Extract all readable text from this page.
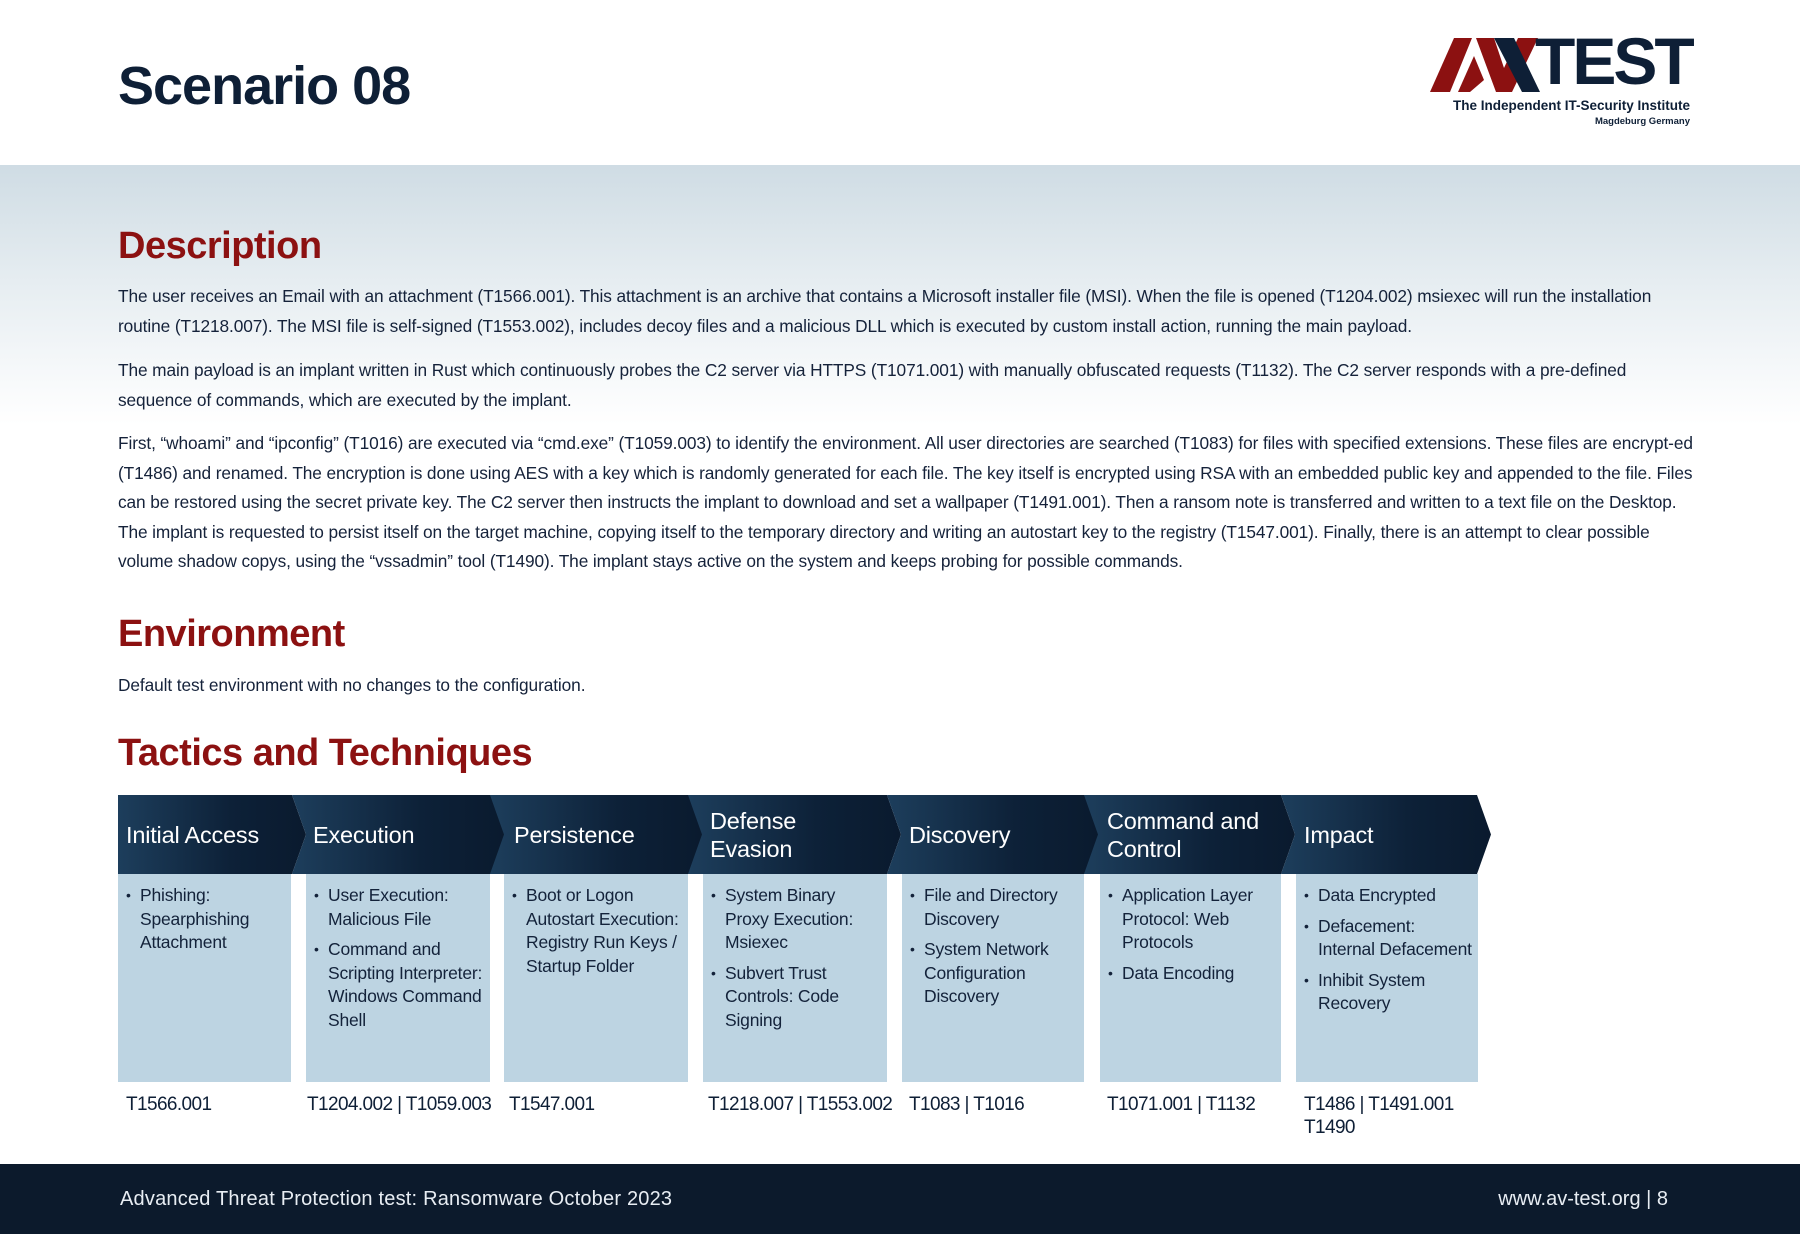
Scenario 08	TEST
The Independent IT-Security Institute
Magdeburg Germany
Description

The user receives an Email with an attachment (T1566.001). This attachment is an archive that contains a Microsoft installer file (MSI). When the file is opened (T1204.002) msiexec will run the installation routine (T1218.007). The MSI file is self-signed (T1553.002), includes decoy files and a malicious DLL which is executed by custom install action, running the main payload.

The main payload is an implant written in Rust which continuously probes the C2 server via HTTPS (T1071.001) with manually obfuscated requests (T1132). The C2 server responds with a pre-defined sequence of commands, which are executed by the implant.

First, “whoami” and “ipconfig” (T1016) are executed via “cmd.exe” (T1059.003) to identify the environment. All user directories are searched (T1083) for files with specified extensions. These files are encrypt-ed (T1486) and renamed. The encryption is done using AES with a key which is randomly generated for each file. The key itself is encrypted using RSA with an embedded public key and appended to the file. Files can be restored using the secret private key. The C2 server then instructs the implant to download and set a wallpaper (T1491.001). Then a ransom note is transferred and written to a text file on the Desktop. The implant is requested to persist itself on the target machine, copying itself to the temporary directory and writing an autostart key to the registry (T1547.001). Finally, there is an attempt to clear possible volume shadow copys, using the “vssadmin” tool (T1490). The implant stays active on the system and keeps probing for possible commands.

Environment

Default test environment with no changes to the configuration.

Tactics and Techniques
Initial Access
• Phishing: Spearphishing Attachment
T1566.001
Execution
• User Execution: Malicious File
• Command and Scripting Interpreter: Windows Command Shell
T1204.002 | T1059.003
Persistence
• Boot or Logon Autostart Execution: Registry Run Keys / Startup Folder
T1547.001
Defense Evasion
• System Binary Proxy Execution: Msiexec
• Subvert Trust Controls: Code Signing
T1218.007 | T1553.002
Discovery
• File and Directory Discovery
• System Network Configuration Discovery
T1083 | T1016
Command and Control
• Application Layer Protocol: Web Protocols
• Data Encoding
T1071.001 | T1132
Impact
• Data Encrypted
• Defacement: Internal Defacement
• Inhibit System Recovery
T1486 | T1491.001 T1490
Advanced Threat Protection test: Ransomware October 2023	www.av-test.org | 8
